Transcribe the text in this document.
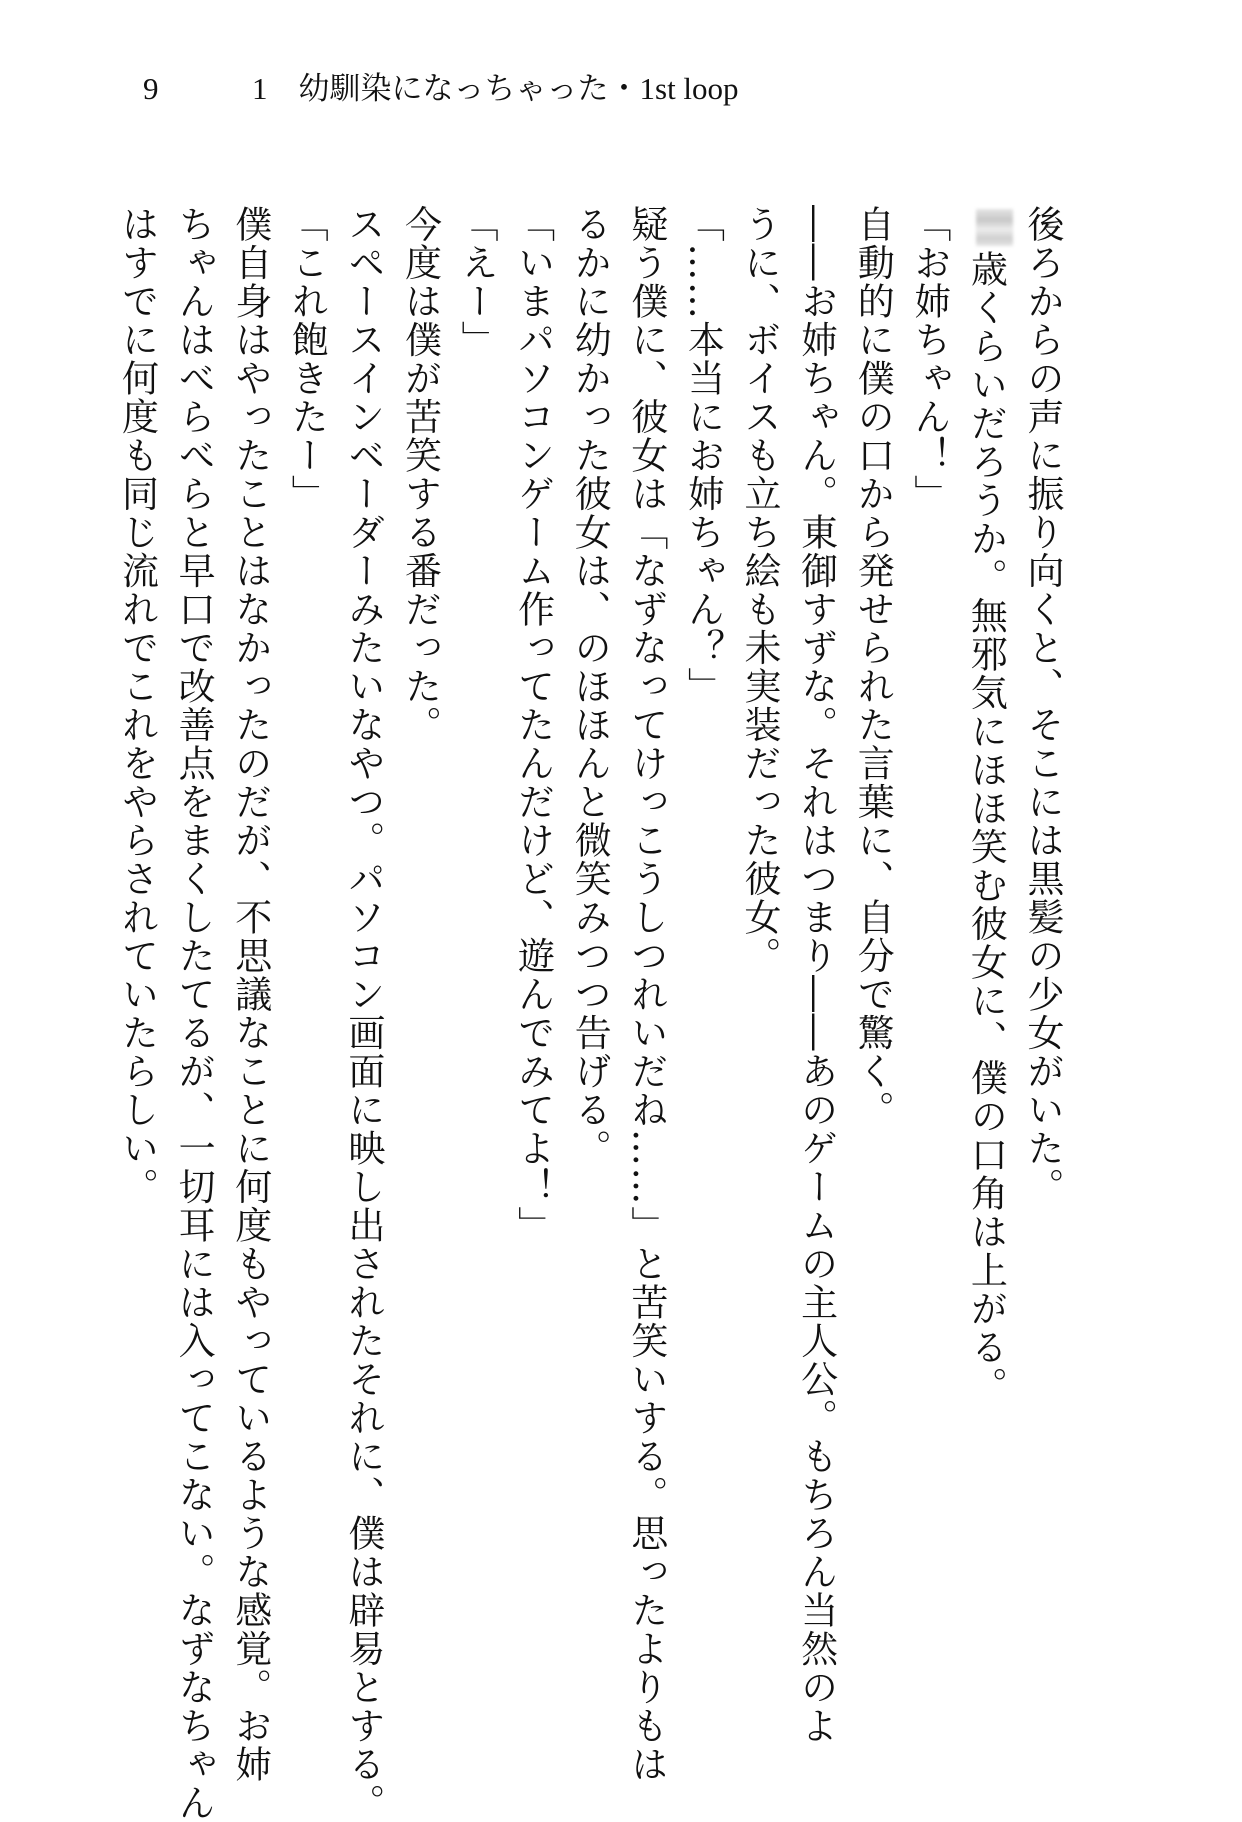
9	1　幼馴染になっちゃった・1st loop
後ろからの声に振り向くと、そこには黒髪の少女がいた。
歳くらいだろうか。無邪気にほほ笑む彼女に、僕の口角は上がる。
「お姉ちゃん！」
自動的に僕の口から発せられた言葉に、自分で驚く。
――お姉ちゃん。東御すずな。それはつまり――あのゲームの主人公。もちろん当然のよ
うに、ボイスも立ち絵も未実装だった彼女。
「……本当にお姉ちゃん？」
疑う僕に、彼女は「なずなってけっこうしつれいだね……」と苦笑いする。思ったよりもは
るかに幼かった彼女は、のほほんと微笑みつつ告げる。
「いまパソコンゲーム作ってたんだけど、遊んでみてよ！」
「えー」
今度は僕が苦笑する番だった。
スペースインベーダーみたいなやつ。パソコン画面に映し出されたそれに、僕は辟易とする。
「これ飽きたー」
僕自身はやったことはなかったのだが、不思議なことに何度もやっているような感覚。お姉
ちゃんはべらべらと早口で改善点をまくしたてるが、一切耳には入ってこない。なずなちゃん
はすでに何度も同じ流れでこれをやらされていたらしい。
